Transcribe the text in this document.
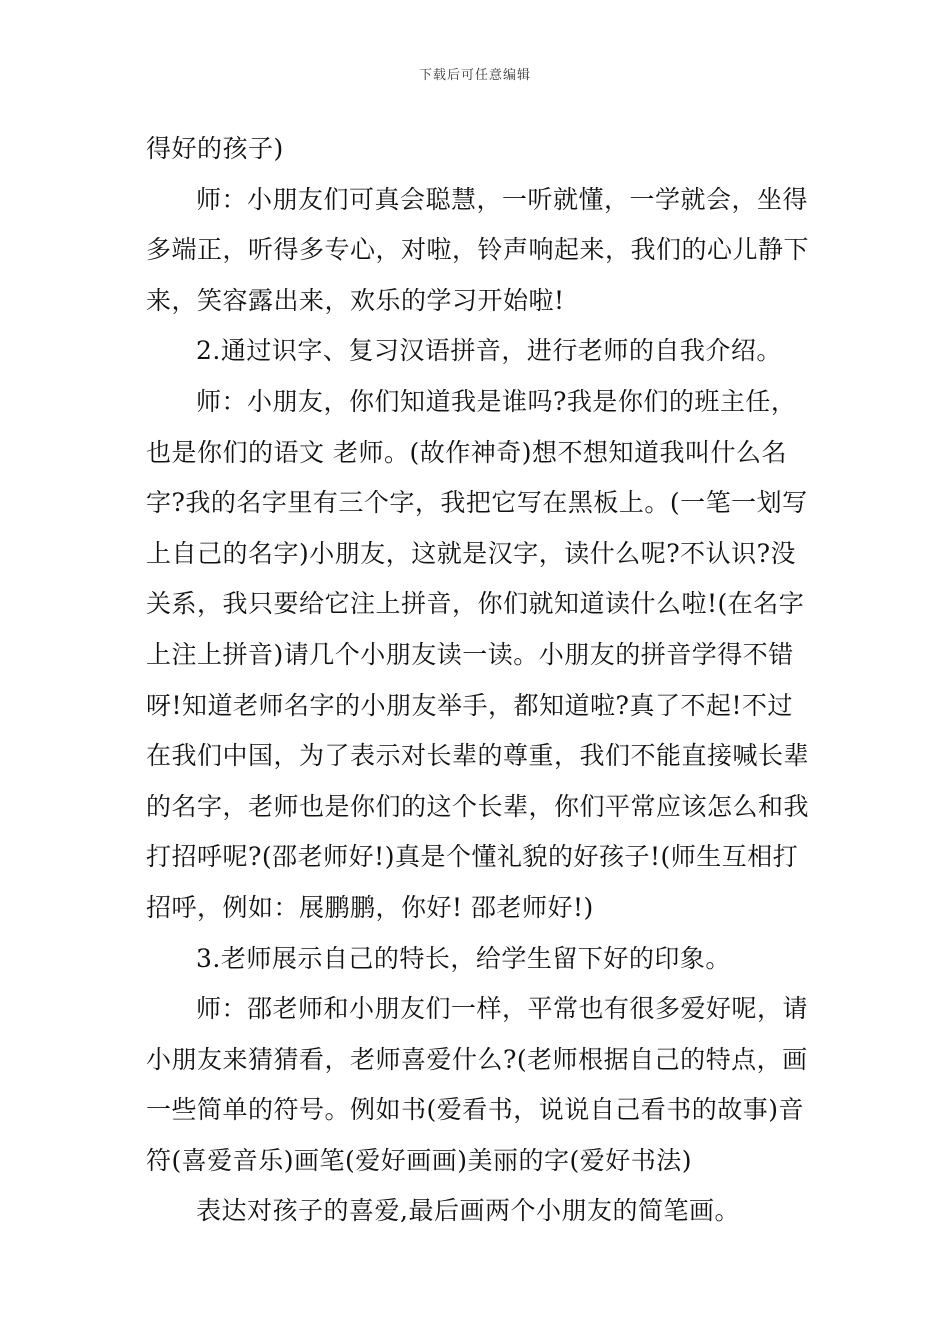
下载后可任意编辑

得好的孩子)

师：小朋友们可真会聪慧，一听就懂，一学就会，坐得多端正，听得多专心，对啦，铃声响起来，我们的心儿静下来，笑容露出来，欢乐的学习开始啦!

2.通过识字、复习汉语拼音，进行老师的自我介绍。

师：小朋友，你们知道我是谁吗?我是你们的班主任，也是你们的语文 老师。(故作神奇)想不想知道我叫什么名字?我的名字里有三个字，我把它写在黑板上。(一笔一划写上自己的名字)小朋友，这就是汉字，读什么呢?不认识?没关系，我只要给它注上拼音，你们就知道读什么啦!(在名字上注上拼音)请几个小朋友读一读。小朋友的拼音学得不错呀!知道老师名字的小朋友举手，都知道啦?真了不起!不过在我们中国，为了表示对长辈的尊重，我们不能直接喊长辈的名字，老师也是你们的这个长辈，你们平常应该怎么和我打招呼呢?(邵老师好!)真是个懂礼貌的好孩子!(师生互相打招呼，例如：展鹏鹏，你好! 邵老师好!)

3.老师展示自己的特长，给学生留下好的印象。

师：邵老师和小朋友们一样，平常也有很多爱好呢，请小朋友来猜猜看，老师喜爱什么?(老师根据自己的特点，画一些简单的符号。例如书(爱看书，说说自己看书的故事)音符(喜爱音乐)画笔(爱好画画)美丽的字(爱好书法)

表达对孩子的喜爱,最后画两个小朋友的简笔画。
